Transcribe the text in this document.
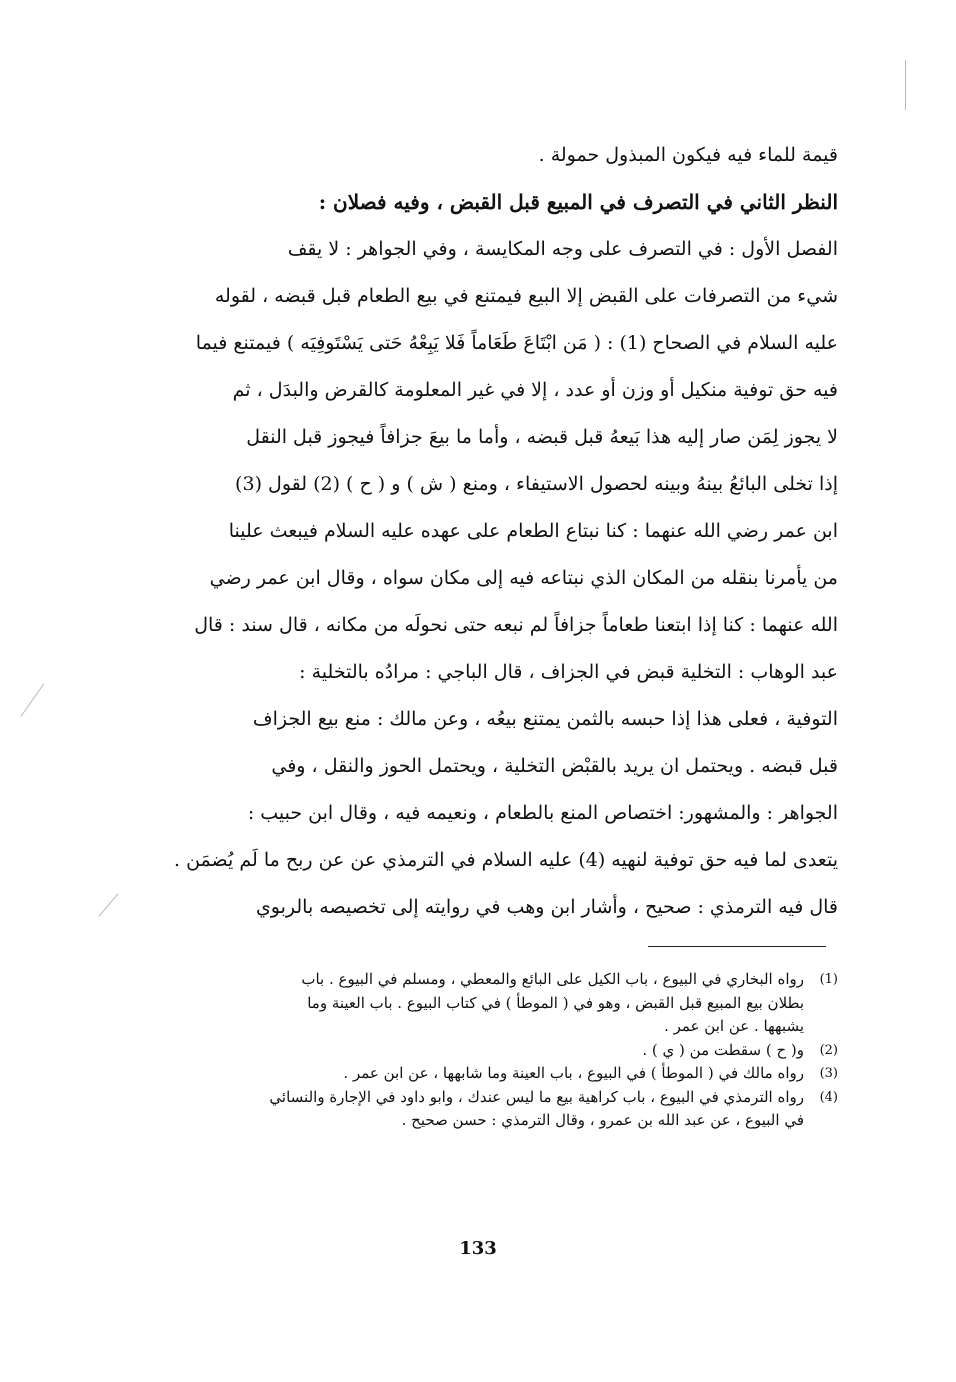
قيمة للماء فيه فيكون المبذول حمولة .
النظر الثاني في التصرف في المبيع قبل القبض ، وفيه فصلان :
الفصل الأول : في التصرف على وجه المكايسة ، وفي الجواهر : لا يقف
شيء من التصرفات على القبض إلا البيع فيمتنع في بيع الطعام قبل قبضه ، لقوله
عليه السلام في الصحاح (1) : ( مَن ابْتَاعَ طَعَاماً فَلا يَبِعْهُ حَتى يَسْتَوفِيَه ) فيمتنع فيما
فيه حق توفية منكيل أو وزن أو عدد ، إلا في غير المعلومة كالقرض والبدَل ، ثم
لا يجوز لِمَن صار إليه هذا بَيعهُ قبل قبضه ، وأما ما بيعَ جزافاً فيجوز قبل النقل
إذا تخلى البائعُ بينهُ وبينه لحصول الاستيفاء ، ومنع ( ش ) و ( ح ) (2) لقول (3)
ابن عمر رضي الله عنهما : كنا نبتاع الطعام على عهده عليه السلام فيبعث علينا
من يأمرنا بنقله من المكان الذي نبتاعه فيه إلى مكان سواه ، وقال ابن عمر رضي
الله عنهما : كنا إذا ابتعنا طعاماً جزافاً لم نبعه حتى نحولَه من مكانه ، قال سند : قال
عبد الوهاب : التخلية قبض في الجزاف ، قال الباجي : مرادُه بالتخلية :
التوفية ، فعلى هذا إذا حبسه بالثمن يمتنع بيعُه ، وعن مالك : منع بيع الجزاف
قبل قبضه . ويحتمل ان يريد بالقبْض التخلية ، ويحتمل الحوز والنقل ، وفي
الجواهر : والمشهور: اختصاص المنع بالطعام ، ونعيمه فيه ، وقال ابن حبيب :
يتعدى لما فيه حق توفية لنهيه (4) عليه السلام في الترمذي عن عن ربح ما لَم يُضمَن .
قال فيه الترمذي : صحيح ، وأشار ابن وهب في روايته إلى تخصيصه بالربوي
(1)
رواه البخاري في البيوع ، باب الكيل على البائع والمعطي ، ومسلم في البيوع . باب
بطلان بيع المبيع قبل القبض ، وهو في ( الموطأ ) في كتاب البيوع . باب العينة وما
يشبهها . عن ابن عمر .
(2)
و( ح ) سقطت من ( ي ) .
(3)
رواه مالك في ( الموطأ ) في البيوع ، باب العينة وما شابهها ، عن ابن عمر .
(4)
رواه الترمذي في البيوع ، باب كراهية بيع ما ليس عندك ، وابو داود في الإجارة والنسائي
في البيوع ، عن عبد الله بن عمرو ، وقال الترمذي : حسن صحيح .
133
